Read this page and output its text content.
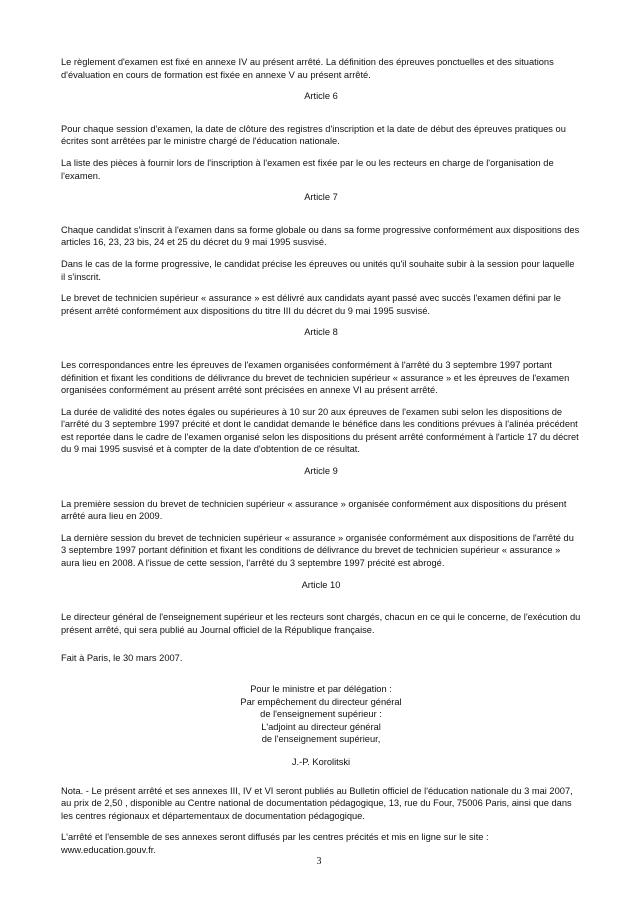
Le règlement d'examen est fixé en annexe IV au présent arrêté. La définition des épreuves ponctuelles et des situations d'évaluation en cours de formation est fixée en annexe V au présent arrêté.

Article 6

Pour chaque session d'examen, la date de clôture des registres d'inscription et la date de début des épreuves pratiques ou écrites sont arrêtées par le ministre chargé de l'éducation nationale.

La liste des pièces à fournir lors de l'inscription à l'examen est fixée par le ou les recteurs en charge de l'organisation de l'examen.

Article 7

Chaque candidat s'inscrit à l'examen dans sa forme globale ou dans sa forme progressive conformément aux dispositions des articles 16, 23, 23 bis, 24 et 25 du décret du 9 mai 1995 susvisé.

Dans le cas de la forme progressive, le candidat précise les épreuves ou unités qu'il souhaite subir à la session pour laquelle il s'inscrit.

Le brevet de technicien supérieur « assurance » est délivré aux candidats ayant passé avec succès l'examen défini par le présent arrêté conformément aux dispositions du titre III du décret du 9 mai 1995 susvisé.

Article 8

Les correspondances entre les épreuves de l'examen organisées conformément à l'arrêté du 3 septembre 1997 portant définition et fixant les conditions de délivrance du brevet de technicien supérieur « assurance » et les épreuves de l'examen organisées conformément au présent arrêté sont précisées en annexe VI au présent arrêté.

La durée de validité des notes égales ou supérieures à 10 sur 20 aux épreuves de l'examen subi selon les dispositions de l'arrêté du 3 septembre 1997 précité et dont le candidat demande le bénéfice dans les conditions prévues à l'alinéa précédent est reportée dans le cadre de l'examen organisé selon les dispositions du présent arrêté conformément à l'article 17 du décret du 9 mai 1995 susvisé et à compter de la date d'obtention de ce résultat.

Article 9

La première session du brevet de technicien supérieur « assurance » organisée conformément aux dispositions du présent arrêté aura lieu en 2009.

La dernière session du brevet de technicien supérieur « assurance » organisée conformément aux dispositions de l'arrêté du 3 septembre 1997 portant définition et fixant les conditions de délivrance du brevet de technicien supérieur « assurance » aura lieu en 2008. A l'issue de cette session, l'arrêté du 3 septembre 1997 précité est abrogé.

Article 10

Le directeur général de l'enseignement supérieur et les recteurs sont chargés, chacun en ce qui le concerne, de l'exécution du présent arrêté, qui sera publié au Journal officiel de la République française.

Fait à Paris, le 30 mars 2007.

Pour le ministre et par délégation :
Par empêchement du directeur général
de l'enseignement supérieur :
L'adjoint au directeur général
de l'enseignement supérieur,
J.-P. Korolitski

Nota. - Le présent arrêté et ses annexes III, IV et VI seront publiés au Bulletin officiel de l'éducation nationale du 3 mai 2007, au prix de 2,50 , disponible au Centre national de documentation pédagogique, 13, rue du Four, 75006 Paris, ainsi que dans les centres régionaux et départementaux de documentation pédagogique.

L'arrêté et l'ensemble de ses annexes seront diffusés par les centres précités et mis en ligne sur le site : www.education.gouv.fr.

3
